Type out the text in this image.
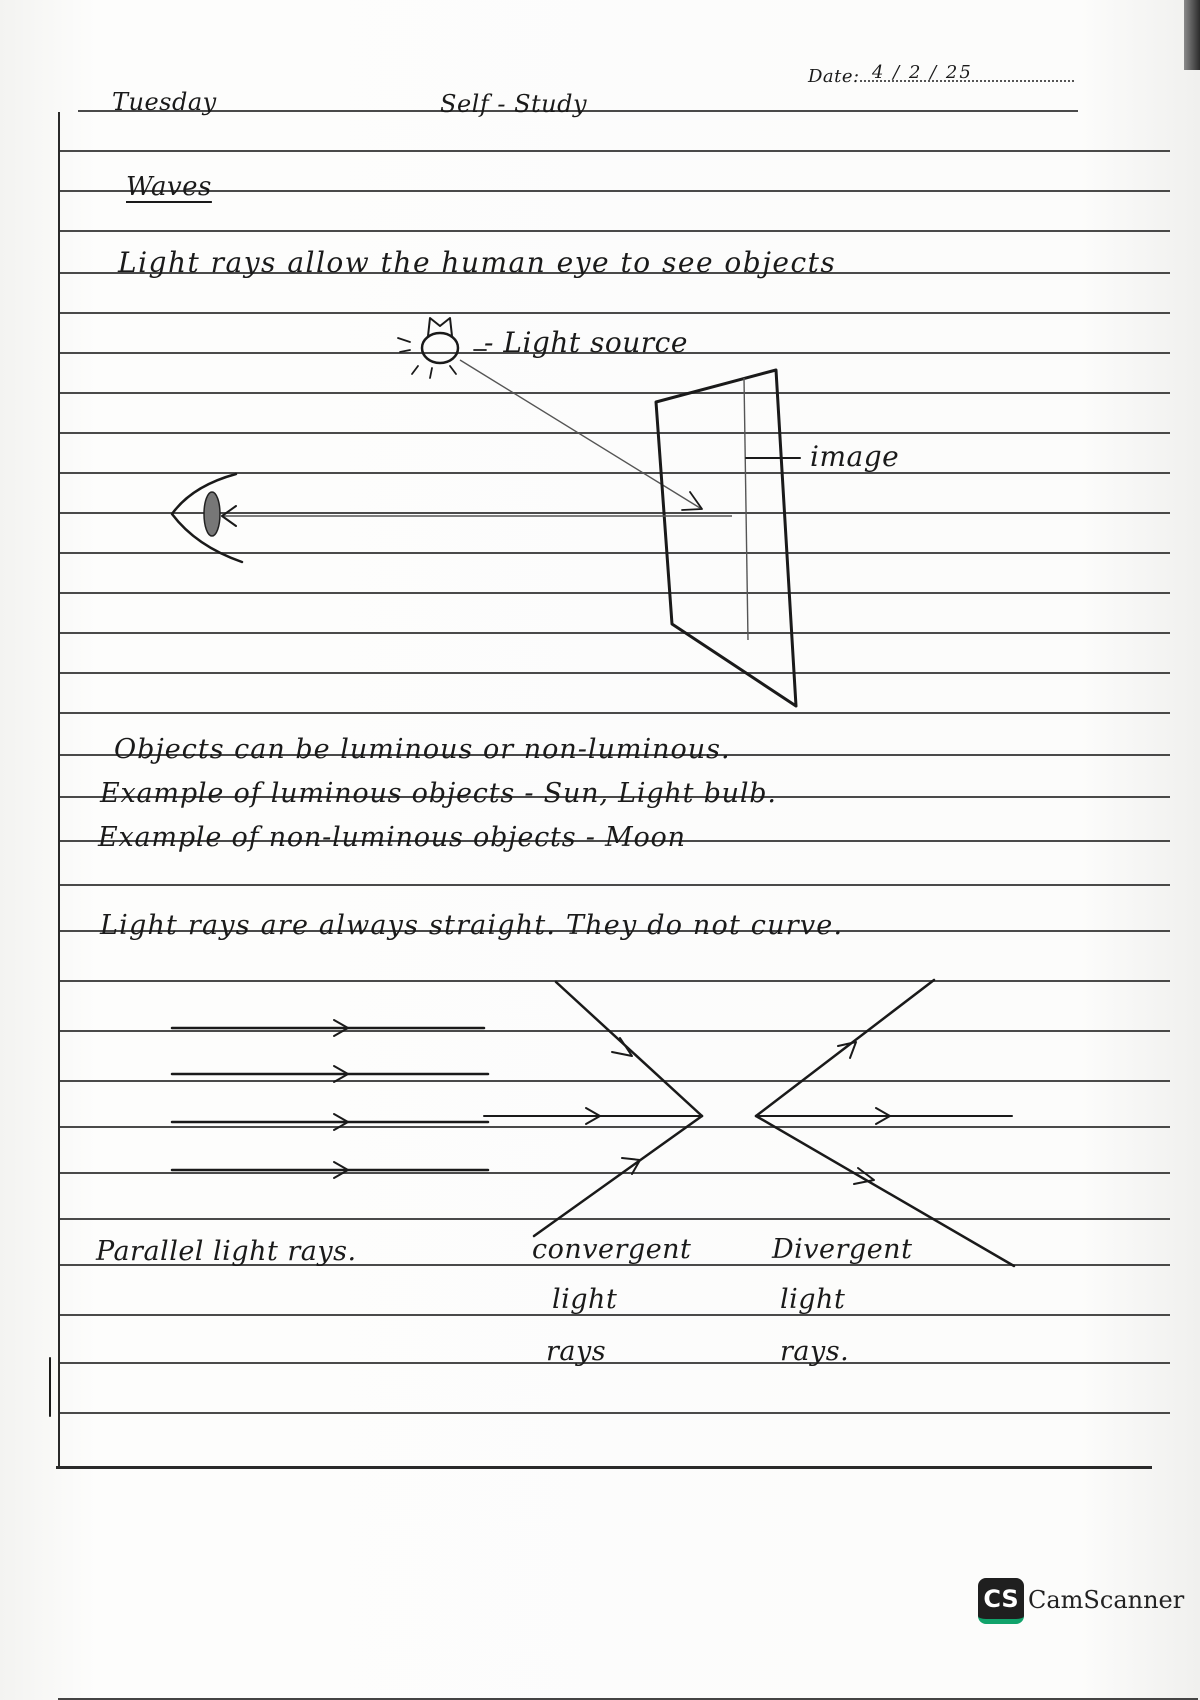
Tuesday	Self - Study
Date: 4 / 2 / 25
Waves
Light rays allow the human eye to see objects
- Light source
image
Objects can be luminous or non-luminous.
Example of luminous objects - Sun, Light bulb.
Example of non-luminous objects - Moon
Light rays are always straight. They do not curve.
Parallel light rays.	convergent
light
rays
Divergent
light
rays.
CS CamScanner
